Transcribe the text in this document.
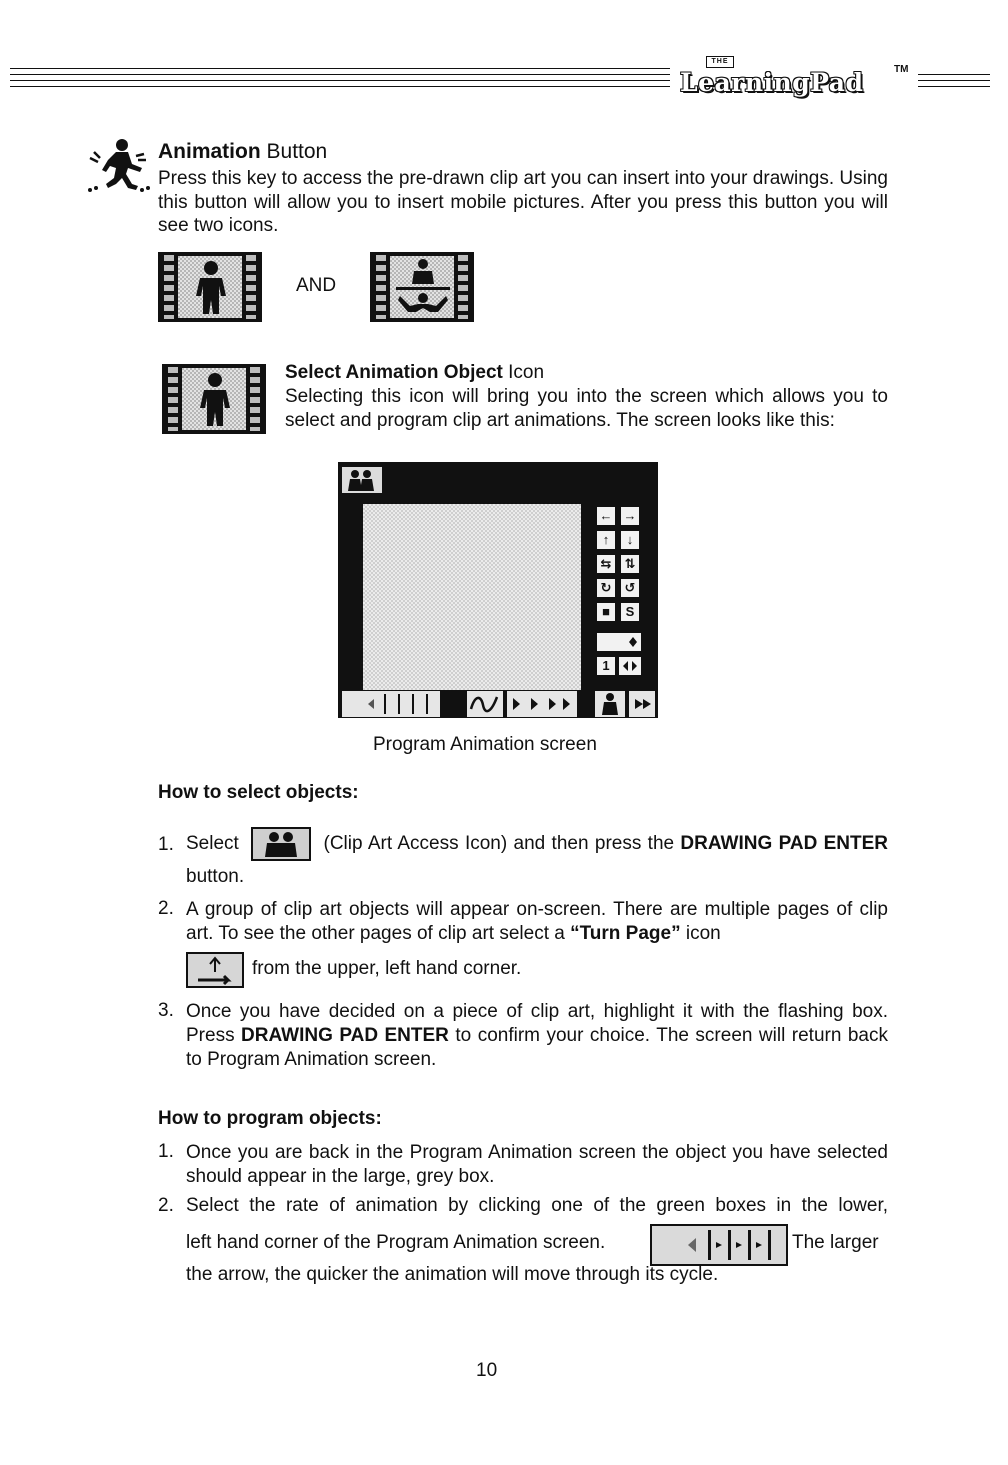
THE
LearningPad	TM
Animation Button
Press this key to access the pre-drawn clip art you can insert into your drawings. Using this button will allow you to insert mobile pictures. After you press this button you will see two icons.
AND
Select Animation Object Icon
Selecting this icon will bring you into the screen which allows you to select and program clip art animations. The screen looks like this:
← →
↑	↓
⇆	⇅
↻	↺
■	S
1
Program Animation screen
How to select objects:
1. Select	(Clip Art Access Icon) and then press the DRAWING PAD ENTER button.
2. A group of clip art objects will appear on-screen. There are multiple pages of clip art. To see the other pages of clip art select a “Turn Page” icon
from the upper, left hand corner.
3. Once you have decided on a piece of clip art, highlight it with the flashing box. Press DRAWING PAD ENTER to confirm your choice. The screen will return back to Program Animation screen.
How to program objects:
1. Once you are back in the Program Animation screen the object you have selected should appear in the large, grey box.
2. Select the rate of animation by clicking one of the green boxes in the lower,
left hand corner of the Program Animation screen.	The larger
the arrow, the quicker the animation will move through its cycle.
10
